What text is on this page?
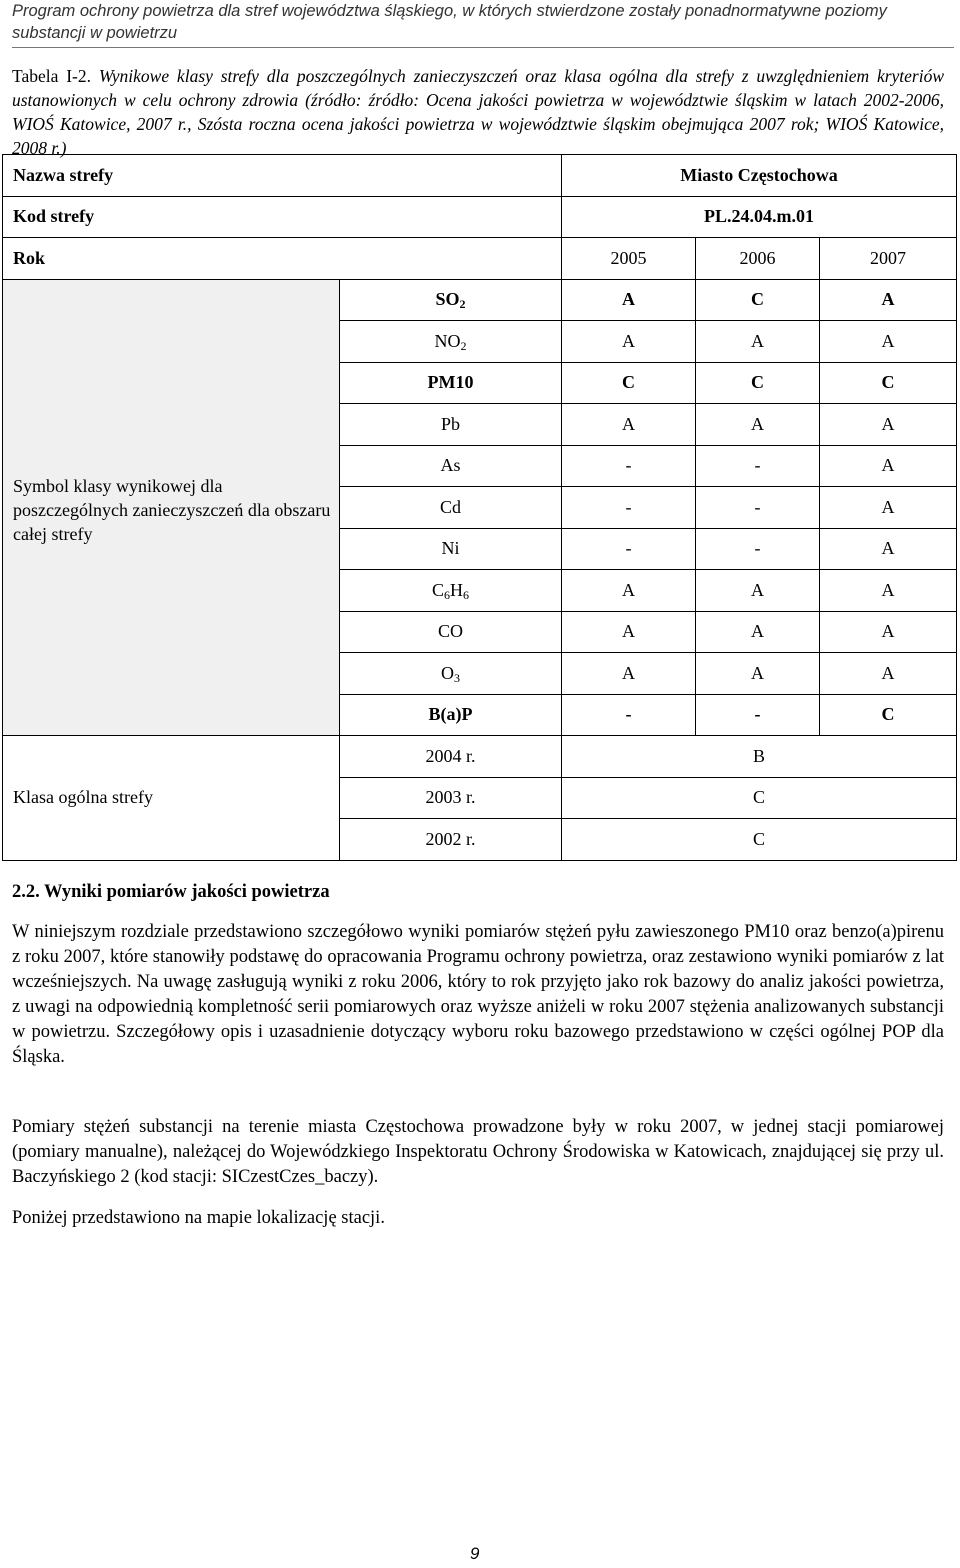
Program ochrony powietrza dla stref województwa śląskiego, w których stwierdzone zostały ponadnormatywne poziomy substancji w powietrzu
Tabela I-2. Wynikowe klasy strefy dla poszczególnych zanieczyszczeń oraz klasa ogólna dla strefy z uwzględnieniem kryteriów ustanowionych w celu ochrony zdrowia (źródło: źródło: Ocena jakości powietrza w województwie śląskim w latach 2002-2006, WIOŚ Katowice, 2007 r., Szósta roczna ocena jakości powietrza w województwie śląskim obejmująca 2007 rok; WIOŚ Katowice, 2008 r.)
Nazwa strefy		Miasto Częstochowa		
Kod strefy		PL.24.04.m.01		
Rok		2005	2006	2007
Symbol klasy wynikowej dla poszczególnych zanieczyszczeń dla obszaru całej strefy	$SO_2$	A	C	A
	$NO_2$	A	A	A
	PM10	C	C	C
	Pb	A	A	A
	As	-	-	A
	Cd	-	-	A
	Ni	-	-	A
	$C_6H_6$	A	A	A
	CO	A	A	A
	$O_3$	A	A	A
	B(a)P	-	-	C
Klasa ogólna strefy	2004 r.	B		
	2003 r.	C		
	2002 r.	C		
2.2. Wyniki pomiarów jakości powietrza
W niniejszym rozdziale przedstawiono szczegółowo wyniki pomiarów stężeń pyłu zawieszonego PM10 oraz benzo(a)pirenu z roku 2007, które stanowiły podstawę do opracowania Programu ochrony powietrza, oraz zestawiono wyniki pomiarów z lat wcześniejszych. Na uwagę zasługują wyniki z roku 2006, który to rok przyjęto jako rok bazowy do analiz jakości powietrza, z uwagi na odpowiednią kompletność serii pomiarowych oraz wyższe aniżeli w roku 2007 stężenia analizowanych substancji w powietrzu. Szczegółowy opis i uzasadnienie dotyczący wyboru roku bazowego przedstawiono w części ogólnej POP dla Śląska.
Pomiary stężeń substancji na terenie miasta Częstochowa prowadzone były w roku 2007, w jednej stacji pomiarowej (pomiary manualne), należącej do Wojewódzkiego Inspektoratu Ochrony Środowiska w Katowicach, znajdującej się przy ul. Baczyńskiego 2 (kod stacji: SICzestCzes_baczy).
Poniżej przedstawiono na mapie lokalizację stacji.
9
